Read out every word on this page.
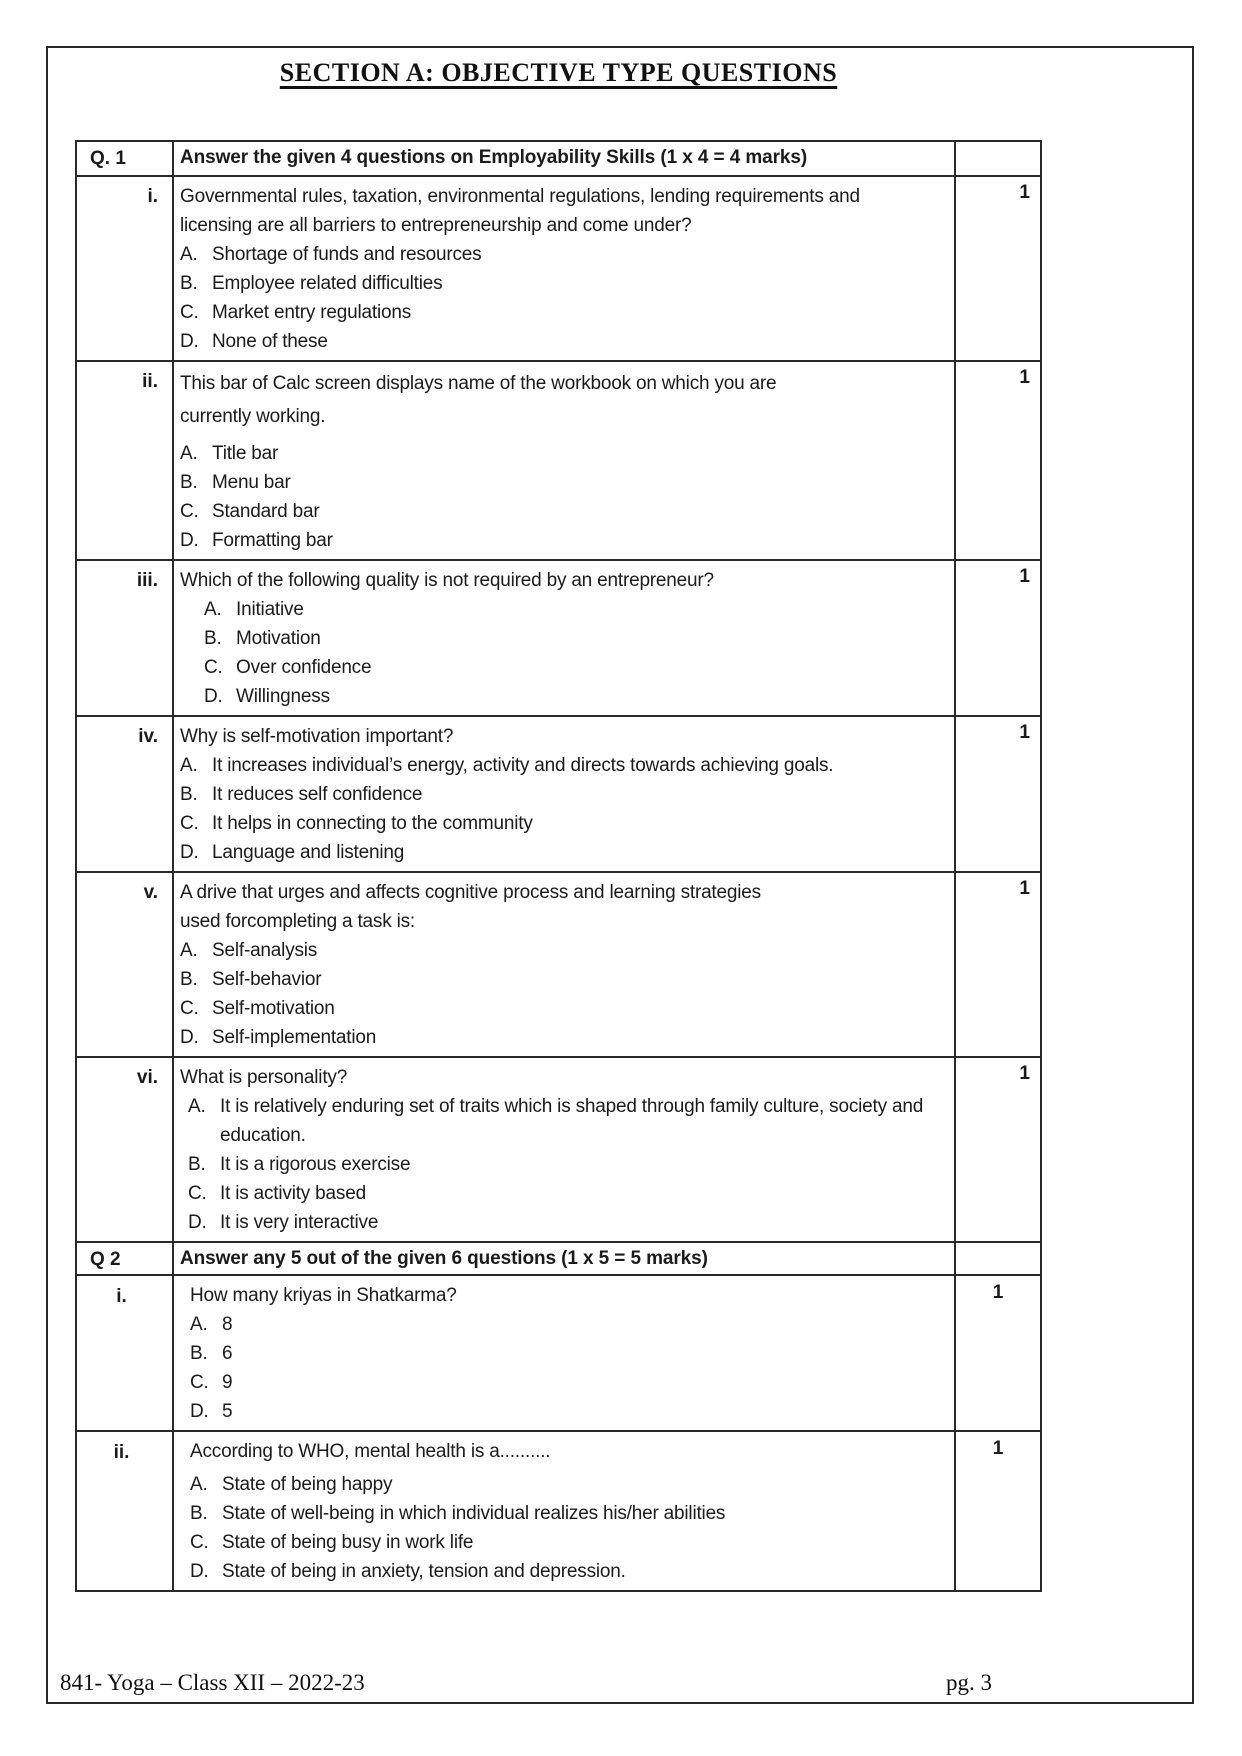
SECTION A: OBJECTIVE TYPE QUESTIONS
Q. 1	Answer the given 4 questions on Employability Skills (1 x 4 = 4 marks)
i.	Governmental rules, taxation, environmental regulations, lending requirements and
licensing are all barriers to entrepreneurship and come under?
A. Shortage of funds and resources
B. Employee related difficulties
C. Market entry regulations
D. None of these
1
ii.	This bar of Calc screen displays name of the workbook on which you are
currently working.
A. Title bar
B. Menu bar
C. Standard bar
D. Formatting bar
1
iii.	Which of the following quality is not required by an entrepreneur?
A. Initiative
B. Motivation
C. Over confidence
D. Willingness
1
iv.	Why is self-motivation important?
A. It increases individual’s energy, activity and directs towards achieving goals.
B. It reduces self confidence
C. It helps in connecting to the community
D. Language and listening
1
v.	A drive that urges and affects cognitive process and learning strategies
used forcompleting a task is:
A. Self-analysis
B. Self-behavior
C. Self-motivation
D. Self-implementation
1
vi.	What is personality?
A. It is relatively enduring set of traits which is shaped through family culture, society and education.
B. It is a rigorous exercise
C. It is activity based
D. It is very interactive
1
Q 2	Answer any 5 out of the given 6 questions (1 x 5 = 5 marks)
i.	How many kriyas in Shatkarma?
A. 8
B. 6
C. 9
D. 5
1
ii.	According to WHO, mental health is a..........
A. State of being happy
B. State of well-being in which individual realizes his/her abilities
C. State of being busy in work life
D. State of being in anxiety, tension and depression.
1
841- Yoga – Class XII – 2022-23	pg. 3
